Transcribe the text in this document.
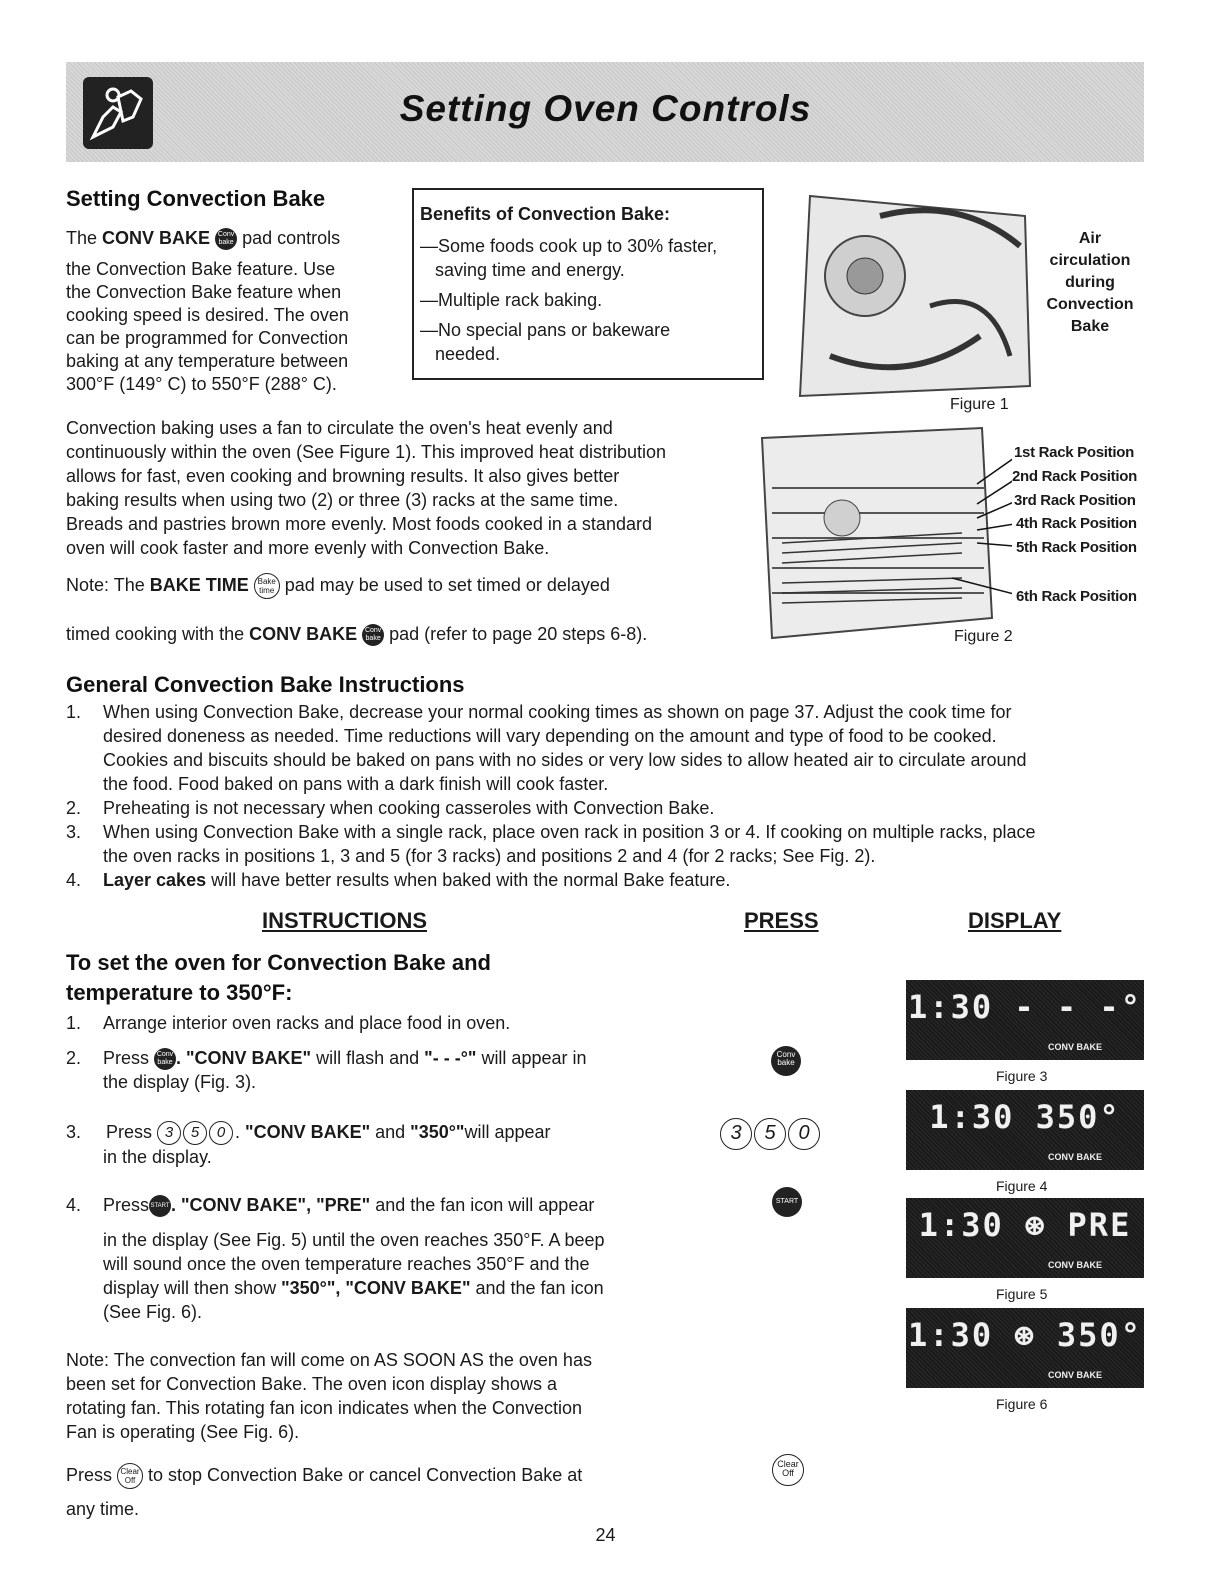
Setting Oven Controls
Setting Convection Bake

The CONV BAKE Conv
bake pad controls

the Convection Bake feature. Use
the Convection Bake feature when
cooking speed is desired. The oven
can be programmed for Convection
baking at any temperature between
300°F (149° C) to 550°F (288° C).

Benefits of Convection Bake:
—Some foods cook up to 30% faster,
saving time and energy.
—Multiple rack baking.
—No special pans or bakeware
needed.
Air
circulation
during
Convection
Bake
Figure 1

Convection baking uses a fan to circulate the oven's heat evenly and
continuously within the oven (See Figure 1). This improved heat distribution
allows for fast, even cooking and browning results. It also gives better
baking results when using two (2) or three (3) racks at the same time.
Breads and pastries brown more evenly. Most foods cooked in a standard
oven will cook faster and more evenly with Convection Bake.

Note: The BAKE TIME Bake
time pad may be used to set timed or delayed

timed cooking with the CONV BAKE Conv
bake pad (refer to page 20 steps 6-8).

1st Rack Position
2nd Rack Position
3rd Rack Position
4th Rack Position
5th Rack Position
6th Rack Position
Figure 2
General Convection Bake Instructions
1. When using Convection Bake, decrease your normal cooking times as shown on page 37. Adjust the cook time for
desired doneness as needed. Time reductions will vary depending on the amount and type of food to be cooked.
Cookies and biscuits should be baked on pans with no sides or very low sides to allow heated air to circulate around
the food. Food baked on pans with a dark finish will cook faster.
2. Preheating is not necessary when cooking casseroles with Convection Bake.
3. When using Convection Bake with a single rack, place oven rack in position 3 or 4. If cooking on multiple racks, place
the oven racks in positions 1, 3 and 5 (for 3 racks) and positions 2 and 4 (for 2 racks; See Fig. 2).
4. Layer cakes will have better results when baked with the normal Bake feature.
INSTRUCTIONS	PRESS	DISPLAY
To set the oven for Convection Bake and
temperature to 350°F:
1. Arrange interior oven racks and place food in oven.
2. Press Conv
bake . "CONV BAKE" will flash and "- - -°" will appear in
the display (Fig. 3).
3. Press 3 5 0 . "CONV BAKE" and "350°"will appear
in the display.
4. PressSTART. "CONV BAKE", "PRE" and the fan icon will appear

in the display (See Fig. 5) until the oven reaches 350°F. A beep
will sound once the oven temperature reaches 350°F and the
display will then show "350°", "CONV BAKE" and the fan icon
(See Fig. 6).

Note: The convection fan will come on AS SOON AS the oven has
been set for Convection Bake. The oven icon display shows a
rotating fan. This rotating fan icon indicates when the Convection
Fan is operating (See Fig. 6).

Press Clear
Off to stop Convection Bake or cancel Convection Bake at
any time.

Conv
bake
3 5 0
START
Clear
Off
1:30 - - -°
CONV BAKE
Figure 3
1:30 350°
CONV BAKE
Figure 4
1:30 ⊛ PRE
CONV BAKE
Figure 5
1:30 ⊛ 350°
CONV BAKE
Figure 6
24
